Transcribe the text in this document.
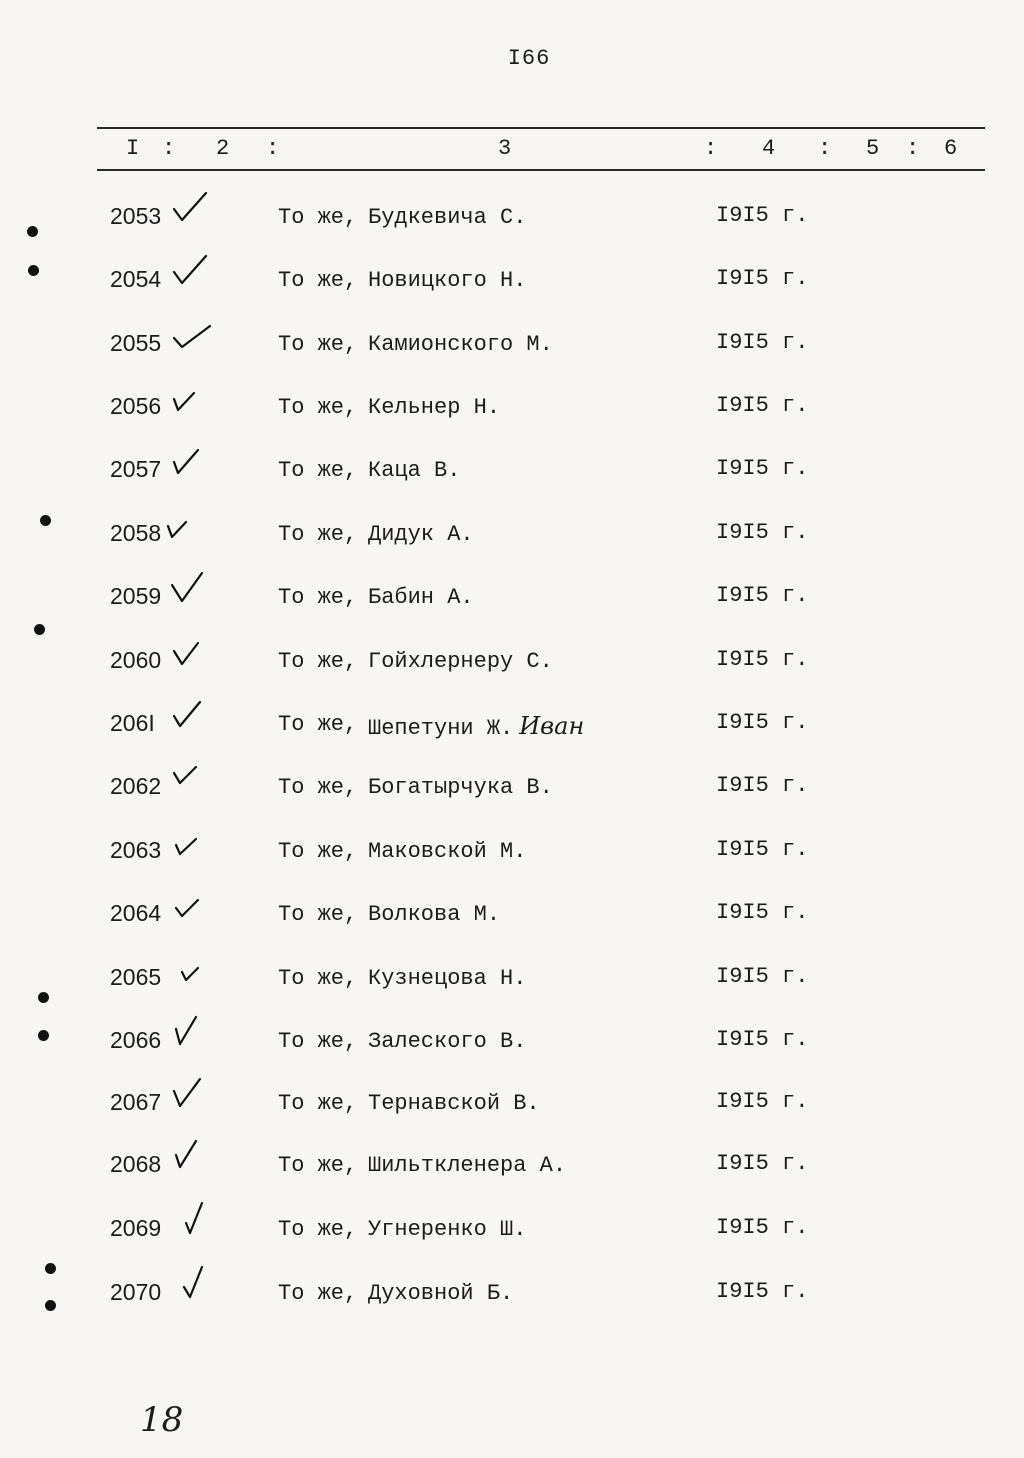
I66
I : 2 :	3	: 4 : 5 : 6
2053	То же, Будкевича С.	I9I5 г.
2054	То же, Новицкого Н.	I9I5 г.
2055	То же, Камионского М.	I9I5 г.
2056	То же, Кельнер Н.	I9I5 г.
2057	То же, Каца В.	I9I5 г.
2058	То же, Дидук А.	I9I5 г.
2059	То же, Бабин А.	I9I5 г.
2060	То же, Гойхлернеру С.	I9I5 г.
206I	То же, Шепетуни Ж. Иван	I9I5 г.
2062	То же, Богатырчука В.	I9I5 г.
2063	То же, Маковской М.	I9I5 г.
2064	То же, Волкова М.	I9I5 г.
2065	То же, Кузнецова Н.	I9I5 г.
2066	То же, Залеского В.	I9I5 г.
2067	То же, Тернавской В.	I9I5 г.
2068	То же, Шильтклeнера А.	I9I5 г.
2069	То же, Угнеренко Ш.	I9I5 г.
2070	То же, Духовной Б.	I9I5 г.
18
